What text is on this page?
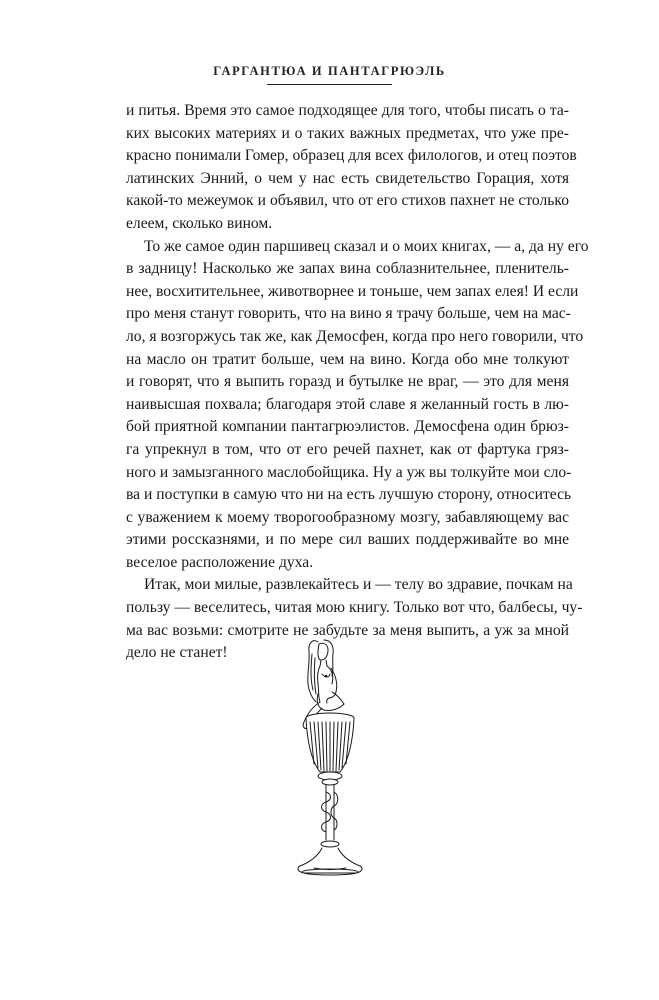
ГАРГАНТЮА И ПАНТАГРЮЭЛЬ

и питья. Время это самое подходящее для того, чтобы писать о та-
ких высоких материях и о таких важных предметах, что уже пре-
красно понимали Гомер, образец для всех филологов, и отец поэтов
латинских Энний, о чем у нас есть свидетельство Горация, хотя
какой-то межеумок и объявил, что от его стихов пахнет не столько
елеем, сколько вином.

То же самое один паршивец сказал и о моих книгах, — а, да ну его
в задницу! Насколько же запах вина соблазнительнее, пленитель-
нее, восхитительнее, животворнее и тоньше, чем запах елея! И если
про меня станут говорить, что на вино я трачу больше, чем на мас-
ло, я возгоржусь так же, как Демосфен, когда про него говорили, что
на масло он тратит больше, чем на вино. Когда обо мне толкуют
и говорят, что я выпить горазд и бутылке не враг, — это для меня
наивысшая похвала; благодаря этой славе я желанный гость в лю-
бой приятной компании пантагрюэлистов. Демосфена один брюз-
га упрекнул в том, что от его речей пахнет, как от фартука гряз-
ного и замызганного маслобойщика. Ну а уж вы толкуйте мои сло-
ва и поступки в самую что ни на есть лучшую сторону, относитесь
с уважением к моему творогообразному мозгу, забавляющему вас
этими россказнями, и по мере сил ваших поддерживайте во мне
веселое расположение духа.

Итак, мои милые, развлекайтесь и — телу во здравие, почкам на
пользу — веселитесь, читая мою книгу. Только вот что, балбесы, чу-
ма вас возьми: смотрите не забудьте за меня выпить, а уж за мной
дело не станет!
